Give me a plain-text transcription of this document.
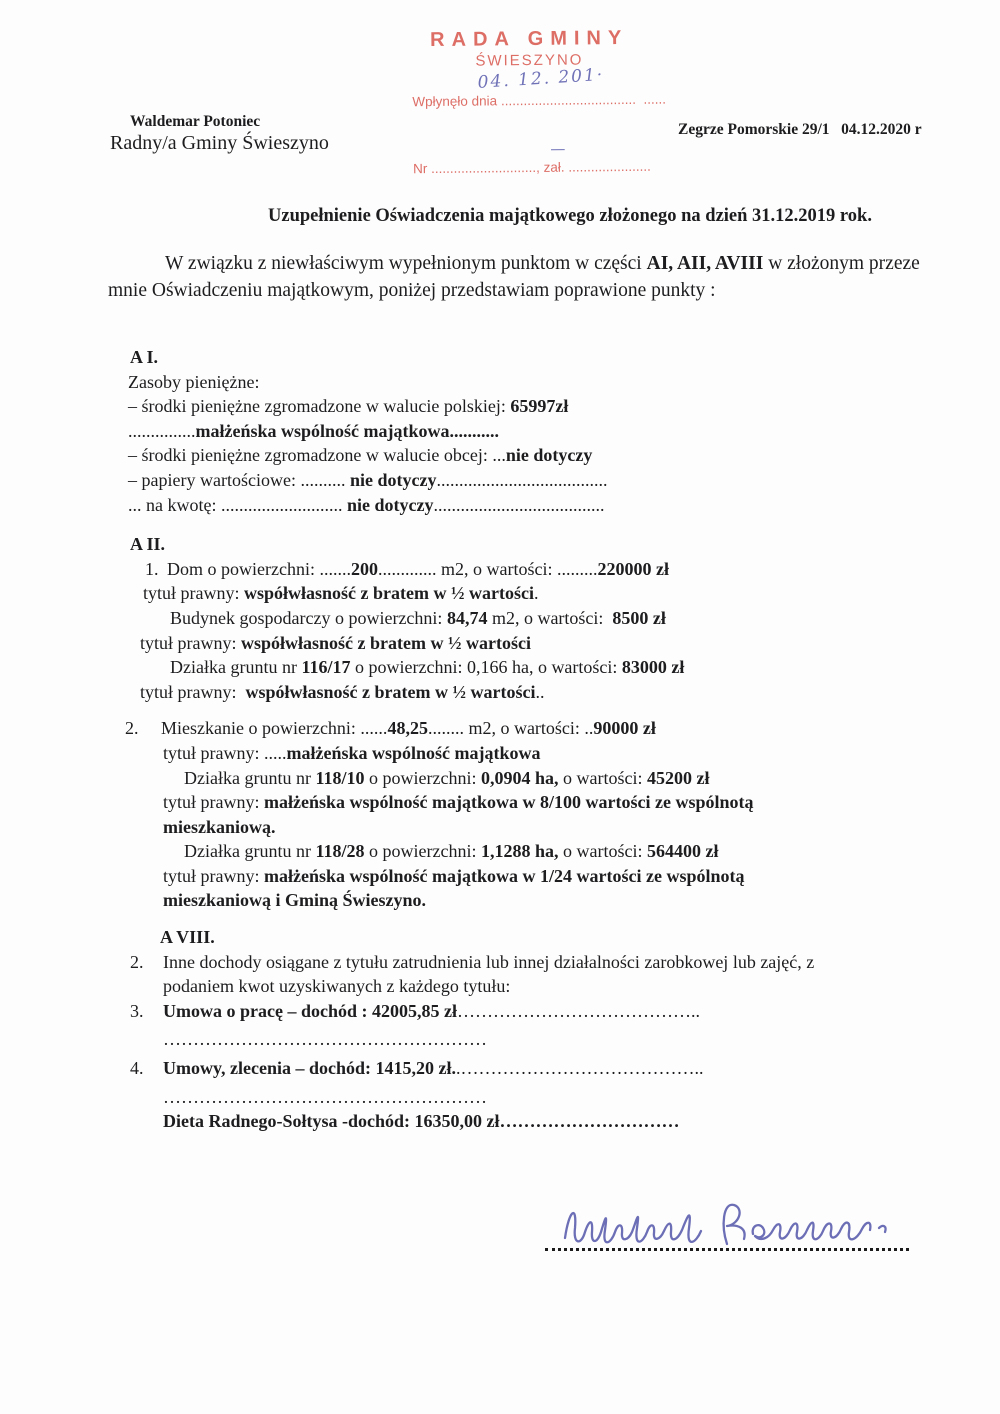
RADA GMINY
ŚWIESZYNO

Wpłynęło dnia ....................................  ......

04. 12. 201·

Nr ............................, zał. ......................

—

Waldemar Potoniec
Radny/a Gminy Świeszyno
Zegrze Pomorskie 29/1   04.12.2020 r
Uzupełnienie Oświadczenia majątkowego złożonego na dzień 31.12.2019 rok.
W związku z niewłaściwym wypełnionym punktom w części AI, AII, AVIII w złożonym przeze mnie Oświadczeniu majątkowym, poniżej przedstawiam poprawione punkty :
A I.
Zasoby pieniężne:
– środki pieniężne zgromadzone w walucie polskiej: 65997zł
...............małżeńska wspólność majątkowa...........
– środki pieniężne zgromadzone w walucie obcej: ...nie dotyczy
– papiery wartościowe: .......... nie dotyczy......................................
... na kwotę: ........................... nie dotyczy......................................
A II.
1. Dom o powierzchni: .......200............. m2, o wartości: .........220000 zł
tytuł prawny: współwłasność z bratem w ½ wartości.
Budynek gospodarczy o powierzchni: 84,74 m2, o wartości:  8500 zł
tytuł prawny: współwłasność z bratem w ½ wartości
Działka gruntu nr 116/17 o powierzchni: 0,166 ha, o wartości: 83000 zł
tytuł prawny:  współwłasność z bratem w ½ wartości..
2. Mieszkanie o powierzchni: ......48,25........ m2, o wartości: ..90000 zł
tytuł prawny: .....małżeńska wspólność majątkowa
Działka gruntu nr 118/10 o powierzchni: 0,0904 ha, o wartości: 45200 zł
tytuł prawny: małżeńska wspólność majątkowa w 8/100 wartości ze wspólnotą
mieszkaniową.
Działka gruntu nr 118/28 o powierzchni: 1,1288 ha, o wartości: 564400 zł
tytuł prawny: małżeńska wspólność majątkowa w 1/24 wartości ze wspólnotą
mieszkaniową i Gminą Świeszyno.
A VIII.
2. Inne dochody osiągane z tytułu zatrudnienia lub innej działalności zarobkowej lub zajęć, z
podaniem kwot uzyskiwanych z każdego tytułu:
3. Umowa o pracę – dochód : 42005,85 zł…………………………………..
………………………………………………
4. Umowy, zlecenia – dochód: 1415,20 zł..…………………………………..
………………………………………………
Dieta Radnego-Sołtysa -dochód: 16350,00 zł…………………………
